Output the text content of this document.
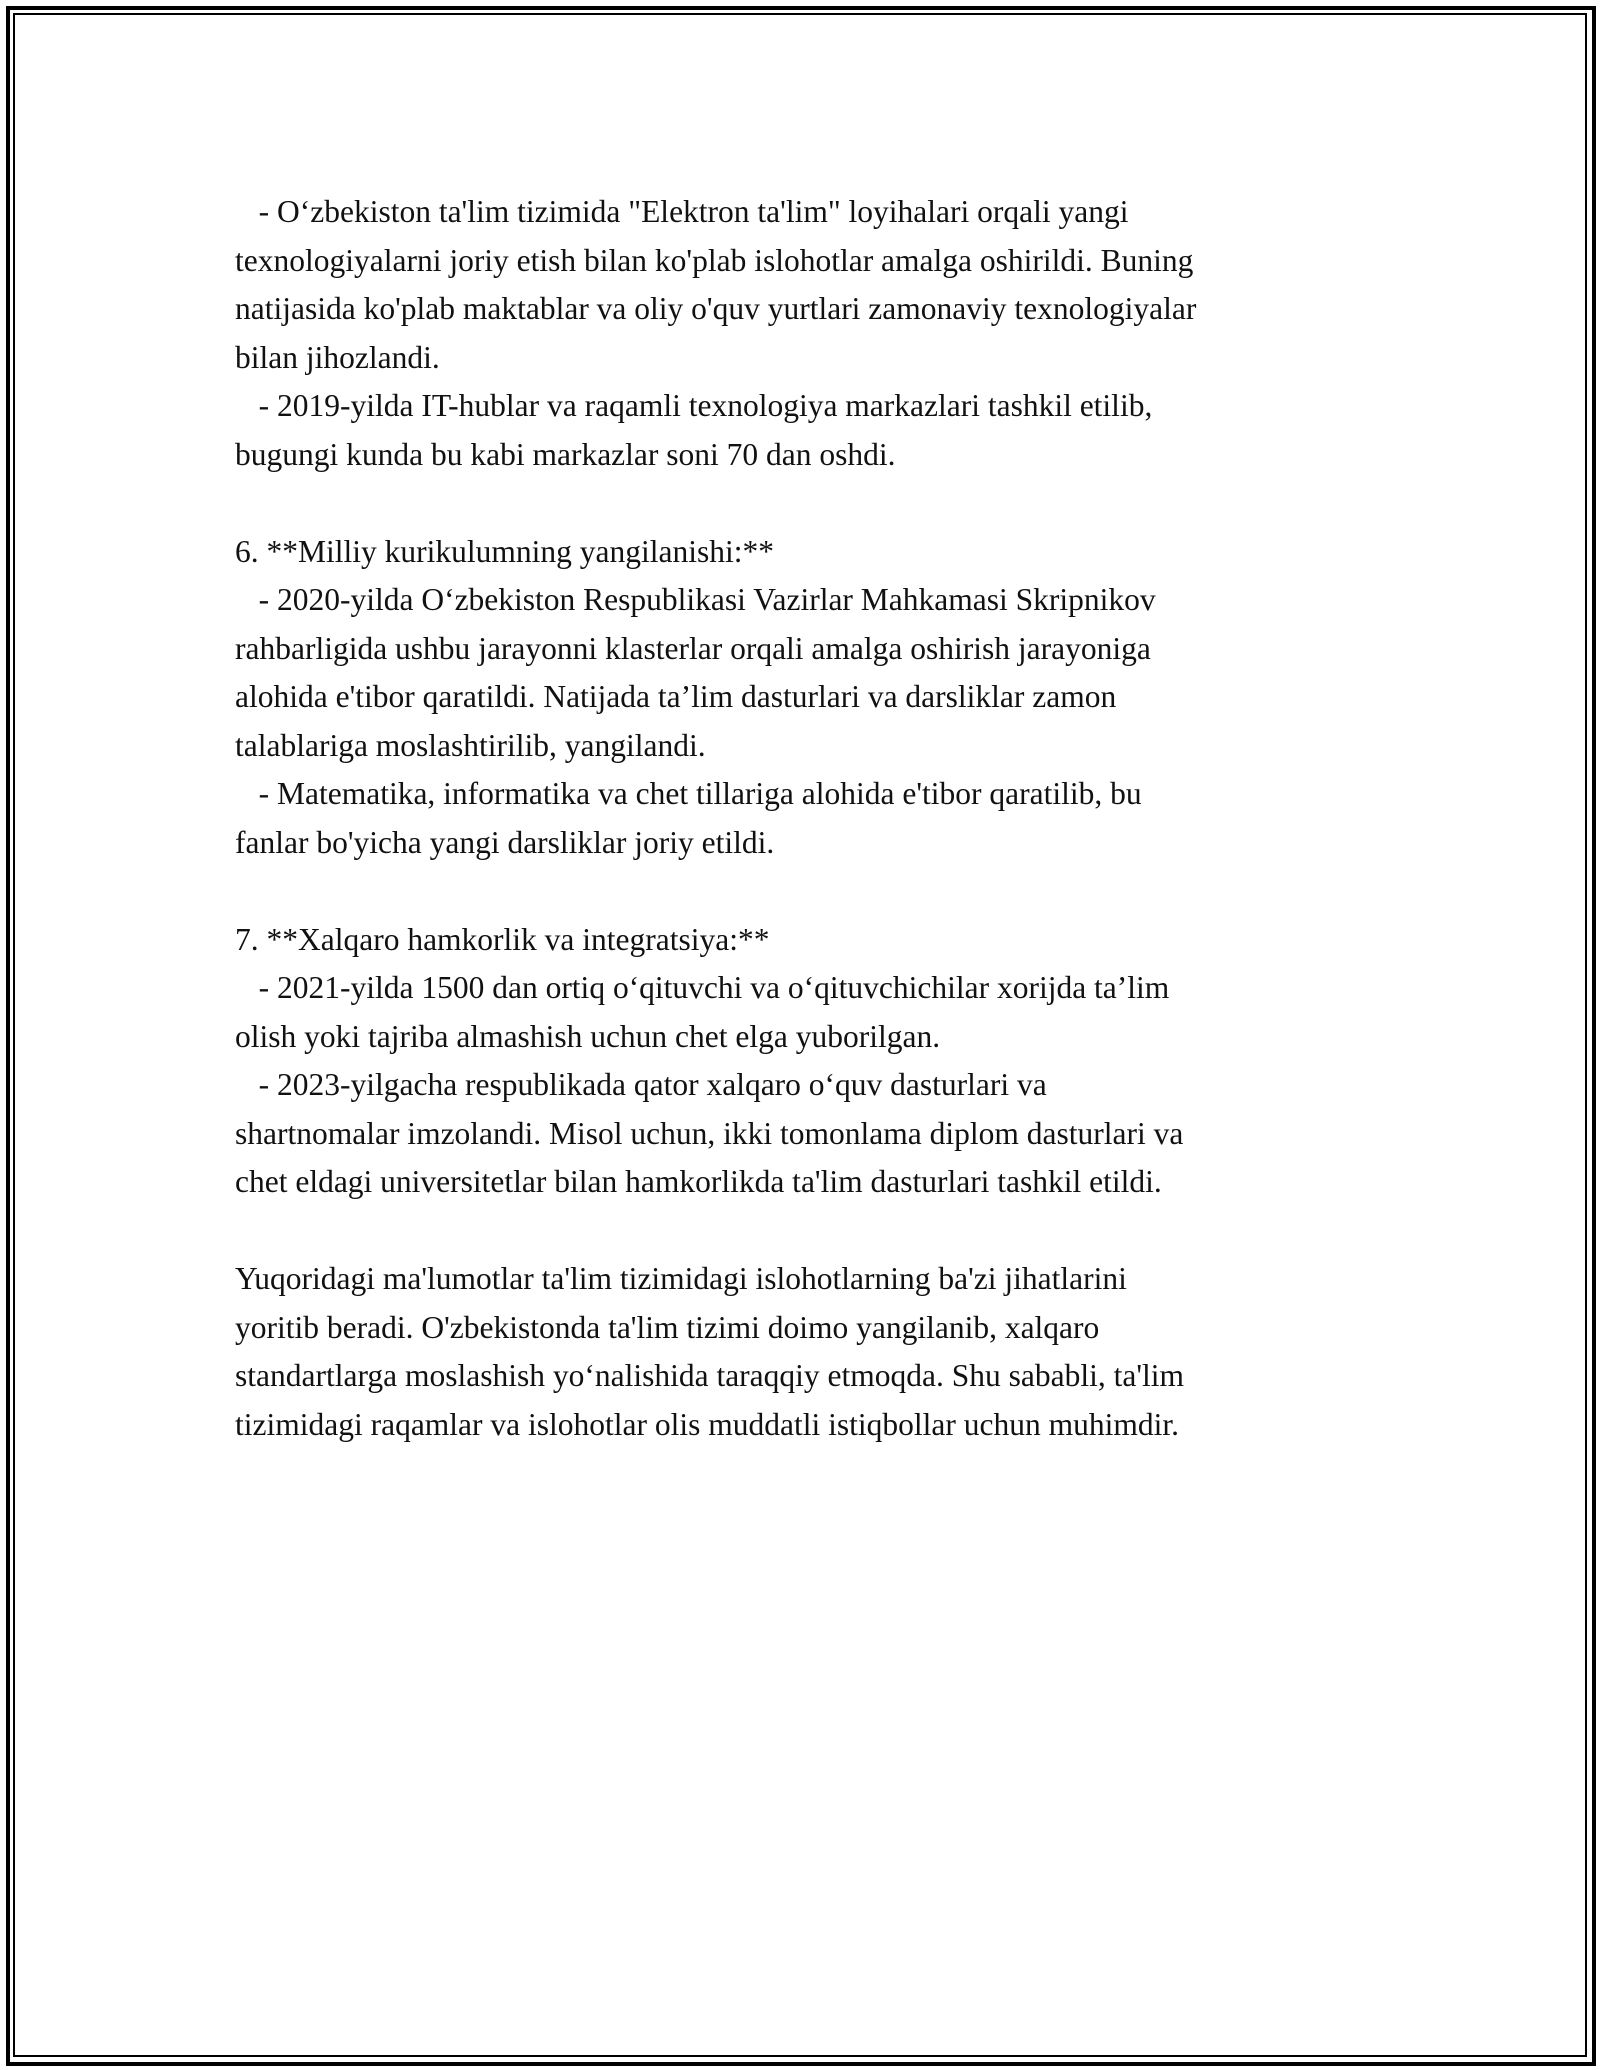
- Oʻzbekiston ta'lim tizimida "Elektron ta'lim" loyihalari orqali yangi
texnologiyalarni joriy etish bilan ko'plab islohotlar amalga oshirildi. Buning
natijasida ko'plab maktablar va oliy o'quv yurtlari zamonaviy texnologiyalar
bilan jihozlandi.
- 2019-yilda IT-hublar va raqamli texnologiya markazlari tashkil etilib,
bugungi kunda bu kabi markazlar soni 70 dan oshdi.
6. **Milliy kurikulumning yangilanishi:**
- 2020-yilda Oʻzbekiston Respublikasi Vazirlar Mahkamasi Skripnikov
rahbarligida ushbu jarayonni klasterlar orqali amalga oshirish jarayoniga
alohida e'tibor qaratildi. Natijada ta’lim dasturlari va darsliklar zamon
talablariga moslashtirilib, yangilandi.
- Matematika, informatika va chet tillariga alohida e'tibor qaratilib, bu
fanlar bo'yicha yangi darsliklar joriy etildi.
7. **Xalqaro hamkorlik va integratsiya:**
- 2021-yilda 1500 dan ortiq oʻqituvchi va oʻqituvchichilar xorijda ta’lim
olish yoki tajriba almashish uchun chet elga yuborilgan.
- 2023-yilgacha respublikada qator xalqaro oʻquv dasturlari va
shartnomalar imzolandi. Misol uchun, ikki tomonlama diplom dasturlari va
chet eldagi universitetlar bilan hamkorlikda ta'lim dasturlari tashkil etildi.
Yuqoridagi ma'lumotlar ta'lim tizimidagi islohotlarning ba'zi jihatlarini
yoritib beradi. O'zbekistonda ta'lim tizimi doimo yangilanib, xalqaro
standartlarga moslashish yoʻnalishida taraqqiy etmoqda. Shu sababli, ta'lim
tizimidagi raqamlar va islohotlar olis muddatli istiqbollar uchun muhimdir.
